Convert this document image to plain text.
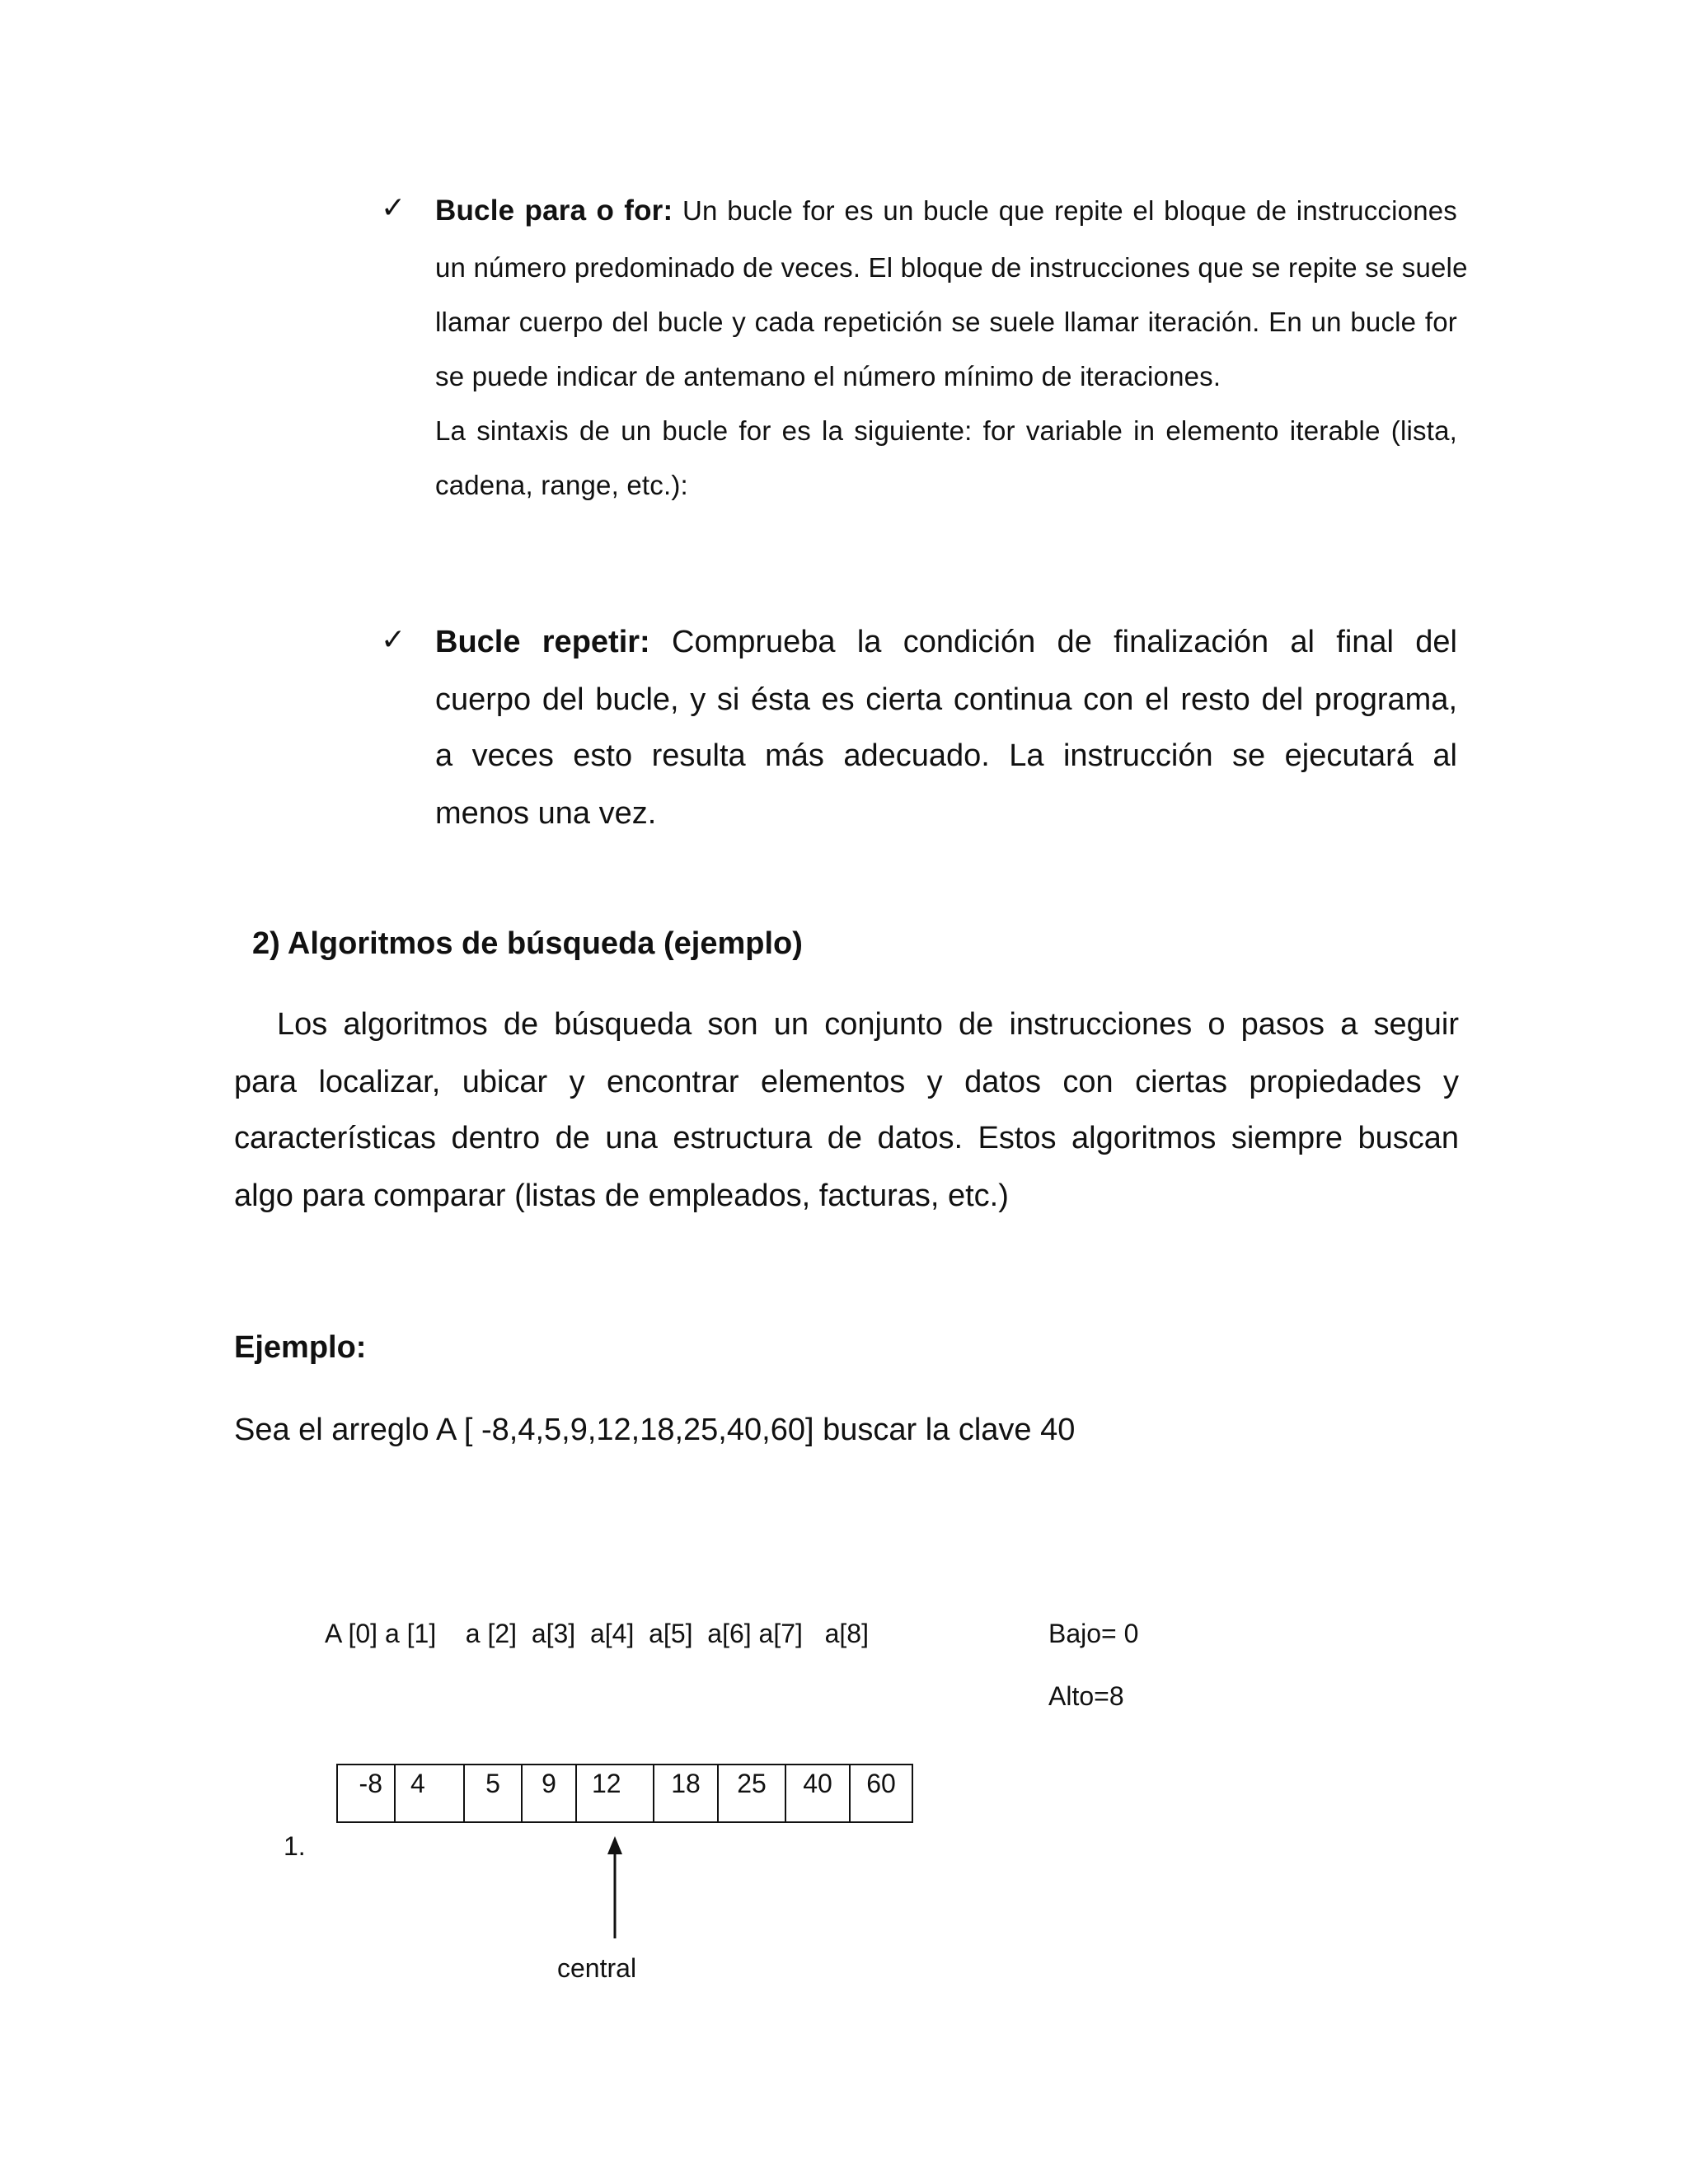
✓ Bucle para o for: Un bucle for es un bucle que repite el bloque de instrucciones
un número predominado de veces. El bloque de instrucciones que se repite se suele
llamar cuerpo del bucle y cada repetición se suele llamar iteración. En un bucle for
se puede indicar de antemano el número mínimo de iteraciones.
La sintaxis de un bucle for es la siguiente: for variable in elemento iterable (lista,
cadena, range, etc.):
✓ Bucle repetir: Comprueba la condición de finalización al final del
cuerpo del bucle, y si ésta es cierta continua con el resto del programa,
a veces esto resulta más adecuado. La instrucción se ejecutará al
menos una vez.
2) Algoritmos de búsqueda (ejemplo)
Los algoritmos de búsqueda son un conjunto de instrucciones o pasos a seguir
para localizar, ubicar y encontrar elementos y datos con ciertas propiedades y
características dentro de una estructura de datos. Estos algoritmos siempre buscan
algo para comparar (listas de empleados, facturas, etc.)
Ejemplo:
Sea el arreglo A [ -8,4,5,9,12,18,25,40,60] buscar la clave 40
A [0] a [1]    a [2]  a[3]  a[4]  a[5]  a[6] a[7]   a[8]	Bajo= 0
Alto=8
-8 4	5	9	12	18	25	40	60
1.
central
